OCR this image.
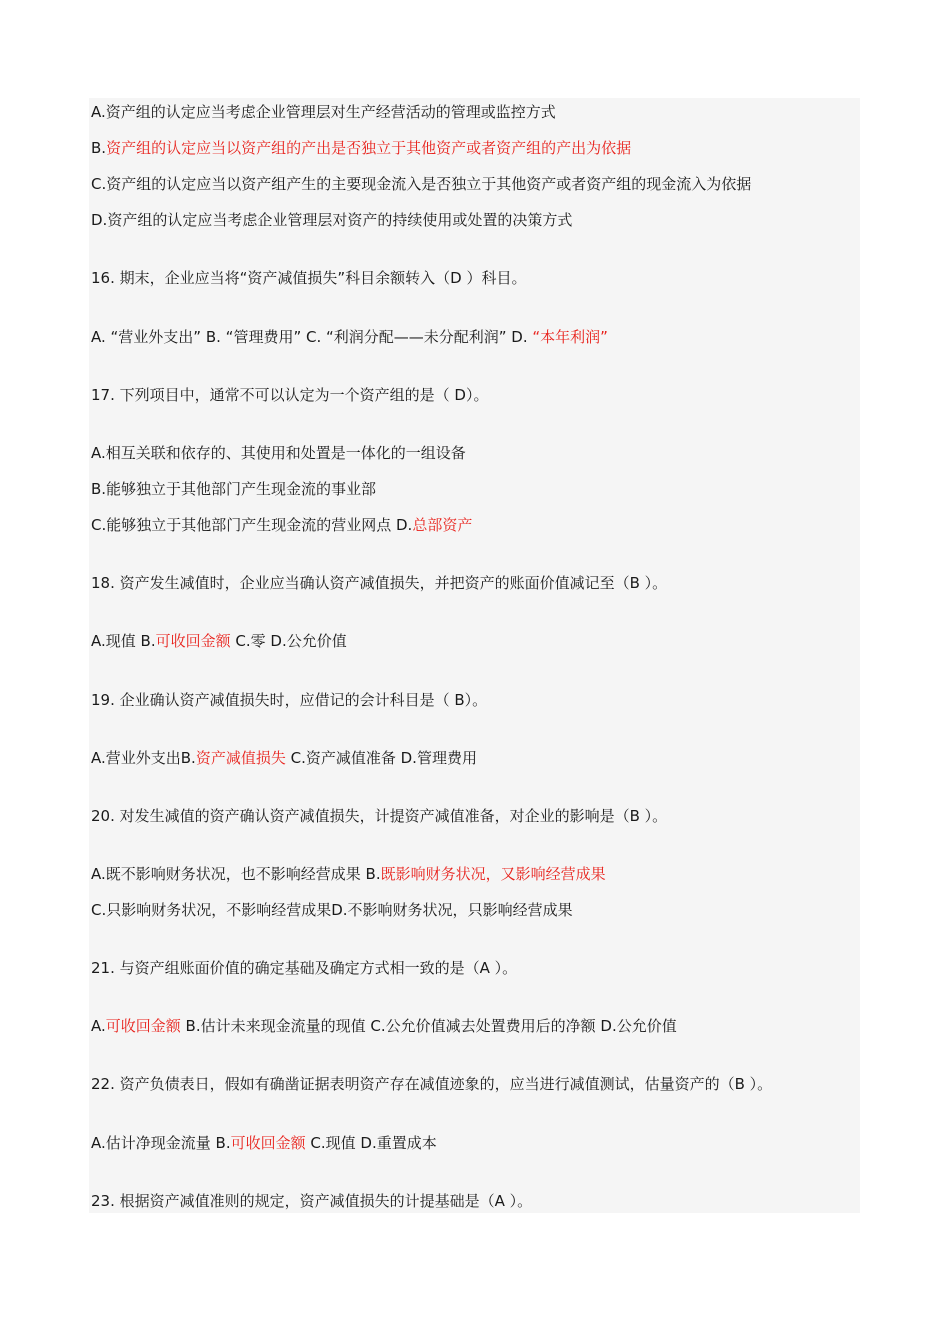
A.资产组的认定应当考虑企业管理层对生产经营活动的管理或监控方式
B.资产组的认定应当以资产组的产出是否独立于其他资产或者资产组的产出为依据
C.资产组的认定应当以资产组产生的主要现金流入是否独立于其他资产或者资产组的现金流入为依据
D.资产组的认定应当考虑企业管理层对资产的持续使用或处置的决策方式
16. 期末，企业应当将“资产减值损失”科目余额转入（D ）科目。
A. “营业外支出” B. “管理费用” C. “利润分配——未分配利润” D. “本年利润”
17. 下列项目中，通常不可以认定为一个资产组的是（ D）。
A.相互关联和依存的、其使用和处置是一体化的一组设备
B.能够独立于其他部门产生现金流的事业部
C.能够独立于其他部门产生现金流的营业网点 D.总部资产
18. 资产发生减值时，企业应当确认资产减值损失，并把资产的账面价值减记至（B ）。
A.现值 B.可收回金额 C.零 D.公允价值
19. 企业确认资产减值损失时，应借记的会计科目是（ B）。
A.营业外支出B.资产减值损失 C.资产减值准备 D.管理费用
20. 对发生减值的资产确认资产减值损失，计提资产减值准备，对企业的影响是（B ）。
A.既不影响财务状况，也不影响经营成果 B.既影响财务状况，又影响经营成果
C.只影响财务状况，不影响经营成果D.不影响财务状况，只影响经营成果
21. 与资产组账面价值的确定基础及确定方式相一致的是（A ）。
A.可收回金额 B.估计未来现金流量的现值 C.公允价值减去处置费用后的净额 D.公允价值
22. 资产负债表日，假如有确凿证据表明资产存在减值迹象的，应当进行减值测试，估量资产的（B ）。
A.估计净现金流量 B.可收回金额 C.现值 D.重置成本
23. 根据资产减值准则的规定，资产减值损失的计提基础是（A ）。
